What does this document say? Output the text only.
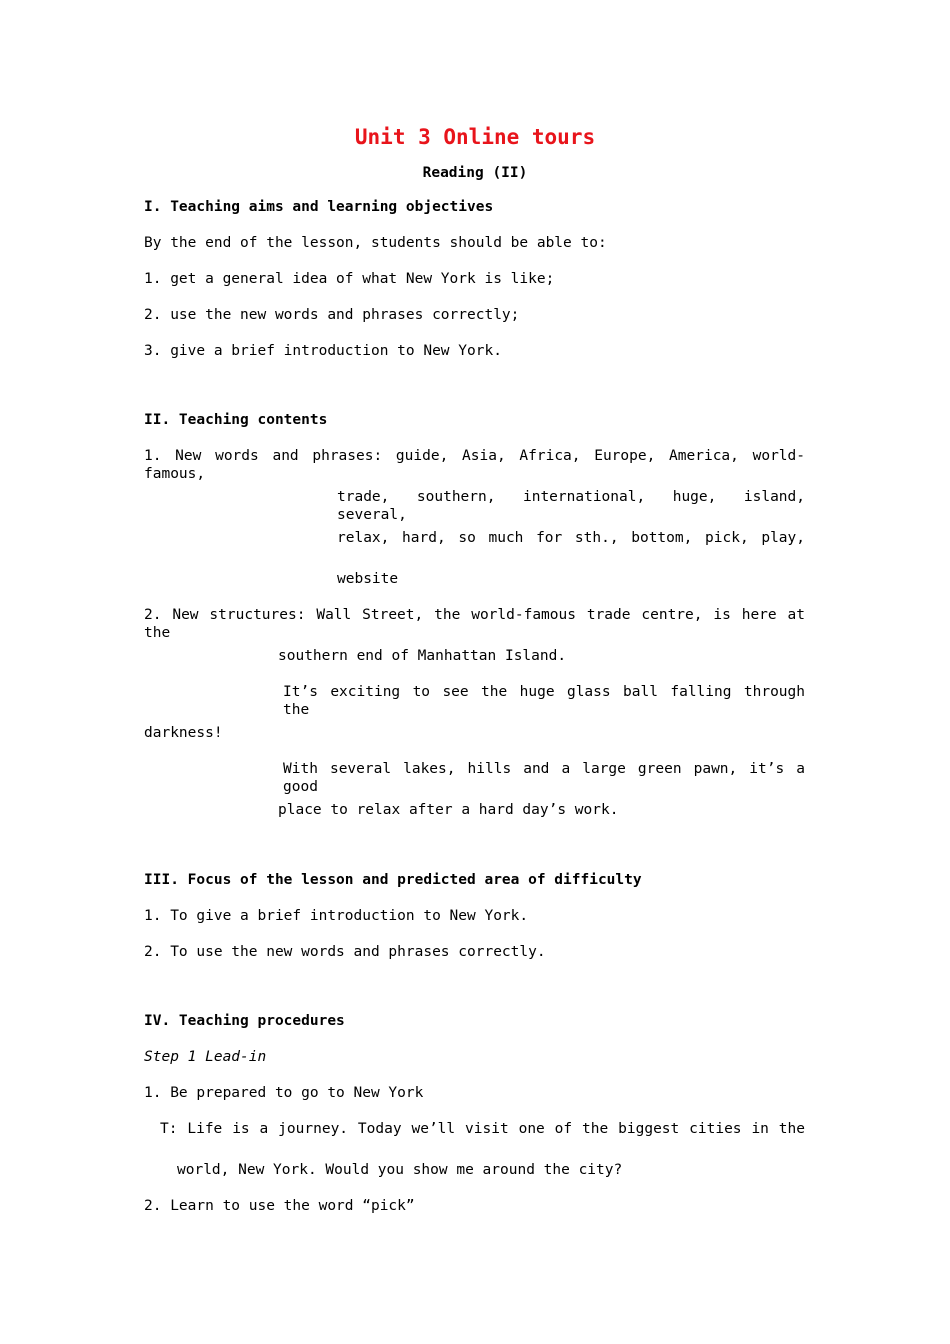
Unit 3 Online tours
Reading (II)
I. Teaching aims and learning objectives
By the end of the lesson, students should be able to:
1. get a general idea of what New York is like;
2. use the new words and phrases correctly;
3. give a brief introduction to New York.
II. Teaching contents
1. New words and phrases: guide, Asia, Africa, Europe, America, world-famous,
trade, southern, international, huge, island, several,
relax, hard, so much for sth., bottom, pick, play,
website
2. New structures: Wall Street, the world-famous trade centre, is here at the
southern end of Manhattan Island.
It’s exciting to see the huge glass ball falling through the
darkness!
With several lakes, hills and a large green pawn, it’s a good
place to relax after a hard day’s work.
III. Focus of the lesson and predicted area of difficulty
1. To give a brief introduction to New York.
2. To use the new words and phrases correctly.
IV. Teaching procedures
Step 1 Lead-in
1. Be prepared to go to New York
T: Life is a journey. Today we’ll visit one of the biggest cities in the
world, New York. Would you show me around the city?
2. Learn to use the word “pick”
